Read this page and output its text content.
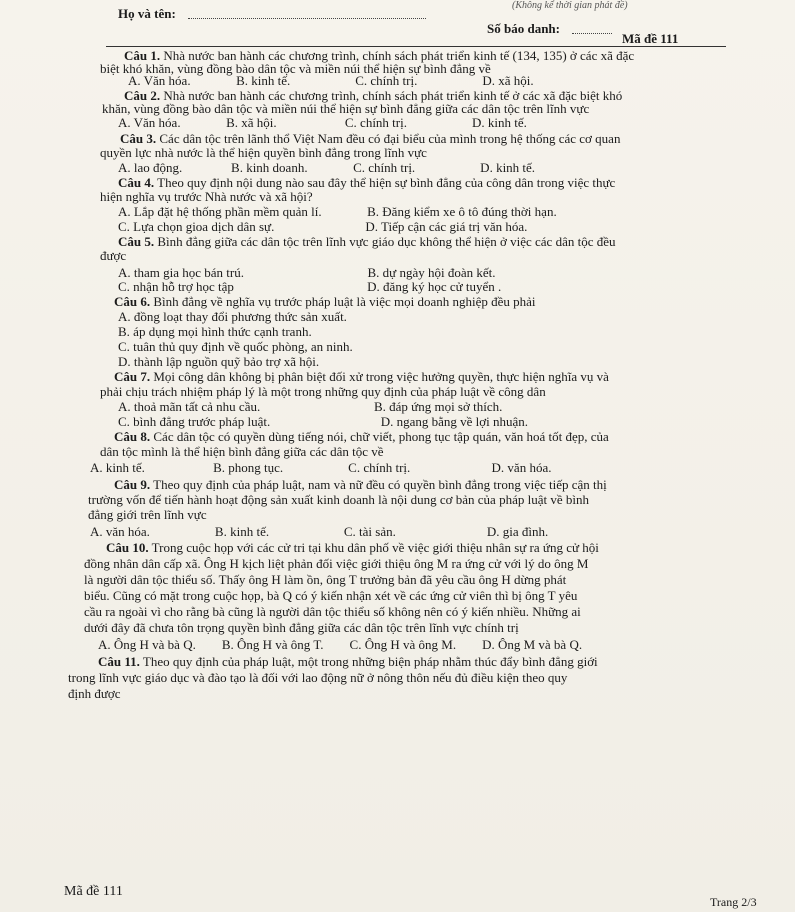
(Không kể thời gian phát đề)
Họ và tên:
Số báo danh:
Mã đề 111
Câu 1. Nhà nước ban hành các chương trình, chính sách phát triển kinh tế (134, 135) ở các xã đặc
biệt khó khăn, vùng đồng bào dân tộc và miền núi thể hiện sự bình đẳng về
A. Văn hóa.              B. kinh tế.                    C. chính trị.                    D. xã hội.
Câu 2. Nhà nước ban hành các chương trình, chính sách phát triển kinh tế ở các xã đặc biệt khó
khăn, vùng đồng bào dân tộc và miền núi thể hiện sự bình đẳng giữa các dân tộc trên lĩnh vực
A. Văn hóa.              B. xã hội.                     C. chính trị.                    D. kinh tế.
Câu 3. Các dân tộc trên lãnh thổ Việt Nam đều có đại biểu của mình trong hệ thống các cơ quan
quyền lực nhà nước là thể hiện quyền bình đẳng trong lĩnh vực
A. lao động.               B. kinh doanh.              C. chính trị.                    D. kinh tế.
Câu 4. Theo quy định nội dung nào sau đây thể hiện sự bình đẳng của công dân trong việc thực
hiện nghĩa vụ trước Nhà nước và xã hội?
A. Lắp đặt hệ thống phần mềm quản lí.              B. Đăng kiểm xe ô tô đúng thời hạn.
C. Lựa chọn gioa dịch dân sự.                            D. Tiếp cận các giá trị văn hóa.
Câu 5. Bình đẳng giữa các dân tộc trên lĩnh vực giáo dục không thể hiện ở việc các dân tộc đều
được
A. tham gia học bán trú.                                      B. dự ngày hội đoàn kết.
C. nhận hỗ trợ học tập                                         D. đăng ký học cử tuyển .
Câu 6. Bình đẳng về nghĩa vụ trước pháp luật là việc mọi doanh nghiệp đều phải
A. đồng loạt thay đổi phương thức sản xuất.
B. áp dụng mọi hình thức cạnh tranh.
C. tuân thủ quy định về quốc phòng, an ninh.
D. thành lập nguồn quỹ bảo trợ xã hội.
Câu 7. Mọi công dân không bị phân biệt đối xử trong việc hưởng quyền, thực hiện nghĩa vụ và
phải chịu trách nhiệm pháp lý là một trong những quy định của pháp luật về công dân
A. thoả mãn tất cả nhu cầu.                                   B. đáp ứng mọi sở thích.
C. bình đẳng trước pháp luật.                                  D. ngang bằng về lợi nhuận.
Câu 8. Các dân tộc có quyền dùng tiếng nói, chữ viết, phong tục tập quán, văn hoá tốt đẹp, của
dân tộc mình là thể hiện bình đẳng giữa các dân tộc về
A. kinh tế.                     B. phong tục.                    C. chính trị.                         D. văn hóa.
Câu 9. Theo quy định của pháp luật, nam và nữ đều có quyền bình đẳng trong việc tiếp cận thị
trường vốn để tiến hành hoạt động sản xuất kinh doanh là nội dung cơ bản của pháp luật về bình
đẳng giới trên lĩnh vực
A. văn hóa.                    B. kinh tế.                       C. tài sản.                            D. gia đình.
Câu 10. Trong cuộc họp với các cử tri tại khu dân phố về việc giới thiệu nhân sự ra ứng cử hội
đồng nhân dân cấp xã. Ông H kịch liệt phản đối việc giới thiệu ông M ra ứng cử với lý do ông M
là người dân tộc thiểu số. Thấy ông H làm ồn, ông T trưởng bản đã yêu cầu ông H dừng phát
biểu. Cũng có mặt trong cuộc họp, bà Q có ý kiến nhận xét về các ứng cử viên thì bị ông T yêu
cầu ra ngoài vì cho rằng bà cũng là người dân tộc thiểu số không nên có ý kiến nhiều. Những ai
dưới đây đã chưa tôn trọng quyền bình đẳng giữa các dân tộc trên lĩnh vực chính trị
A. Ông H và bà Q.        B. Ông H và ông T.        C. Ông H và ông M.        D. Ông M và bà Q.
Câu 11. Theo quy định của pháp luật, một trong những biện pháp nhằm thúc đẩy bình đẳng giới
trong lĩnh vực giáo dục và đào tạo là đối với lao động nữ ở nông thôn nếu đủ điều kiện theo quy
định được
Mã đề 111
Trang 2/3
